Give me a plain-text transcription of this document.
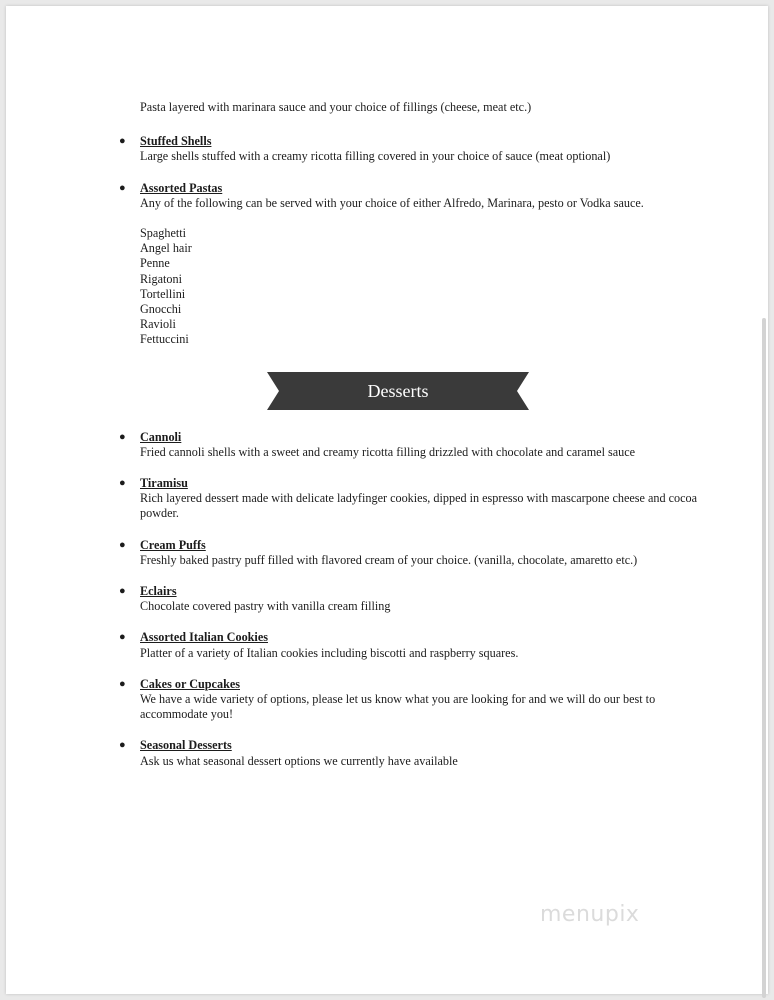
Pasta layered with marinara sauce and your choice of fillings (cheese, meat etc.)
● Stuffed Shells
Large shells stuffed with a creamy ricotta filling covered in your choice of sauce (meat optional)
● Assorted Pastas
Any of the following can be served with your choice of either Alfredo, Marinara, pesto or Vodka sauce.
Spaghetti
Angel hair
Penne
Rigatoni
Tortellini
Gnocchi
Ravioli
Fettuccini
Desserts
● Cannoli
Fried cannoli shells with a sweet and creamy ricotta filling drizzled with chocolate and caramel sauce
● Tiramisu
Rich layered dessert made with delicate ladyfinger cookies, dipped in espresso with mascarpone cheese and cocoa powder.
● Cream Puffs
Freshly baked pastry puff filled with flavored cream of your choice. (vanilla, chocolate, amaretto etc.)
● Eclairs
Chocolate covered pastry with vanilla cream filling
● Assorted Italian Cookies
Platter of a variety of Italian cookies including biscotti and raspberry squares.
● Cakes or Cupcakes
We have a wide variety of options, please let us know what you are looking for and we will do our best to accommodate you!
● Seasonal Desserts
Ask us what seasonal dessert options we currently have available
menupix
